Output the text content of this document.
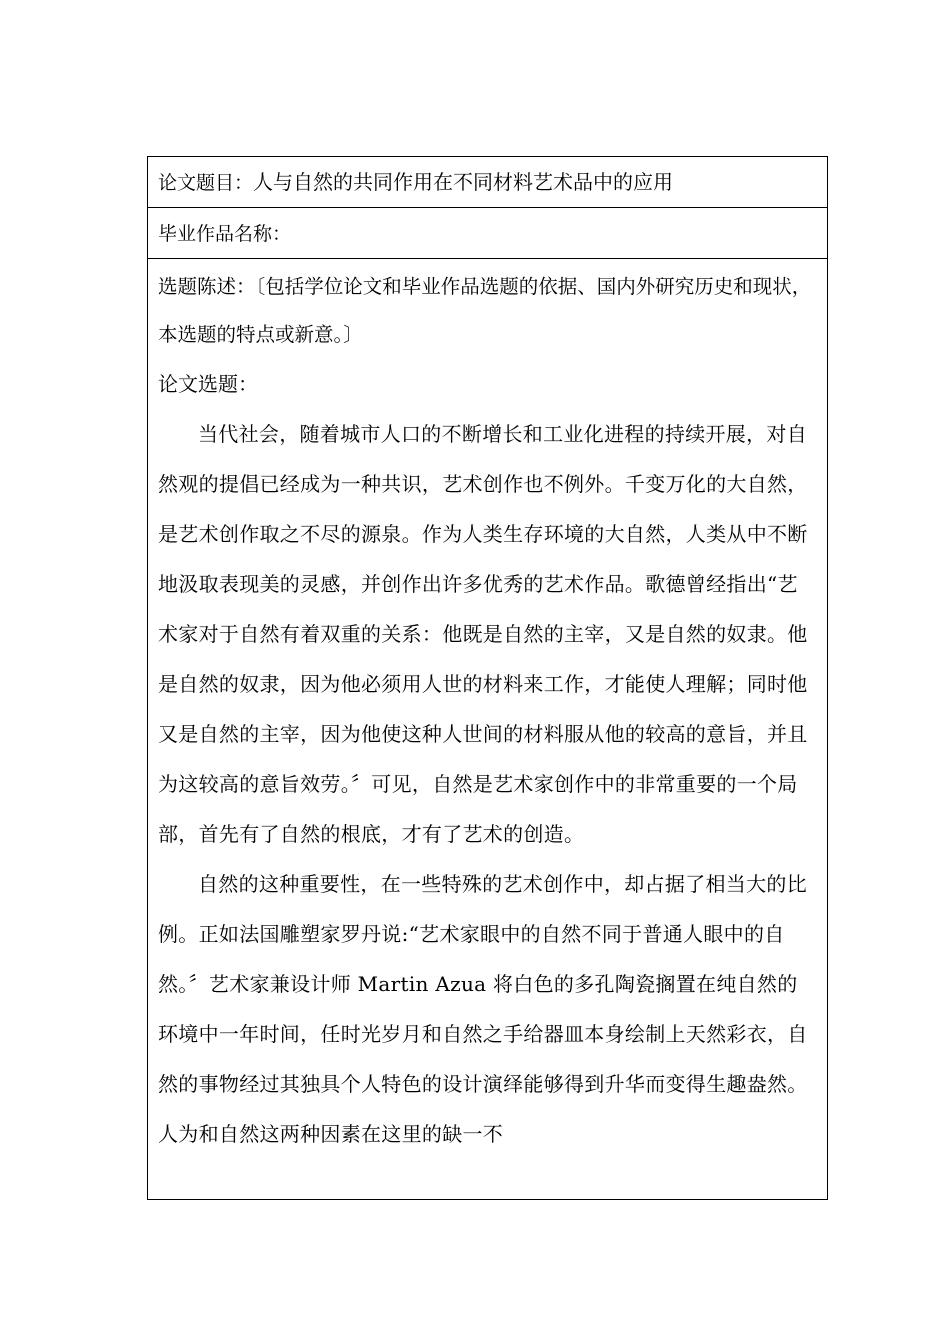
论文题目：人与自然的共同作用在不同材料艺术品中的应用
毕业作品名称：

选题陈述：〔包括学位论文和毕业作品选题的依据、国内外研究历史和现状，本选题的特点或新意。〕

论文选题：

当代社会，随着城市人口的不断增长和工业化进程的持续开展，对自然观的提倡已经成为一种共识，艺术创作也不例外。千变万化的大自然，是艺术创作取之不尽的源泉。作为人类生存环境的大自然，人类从中不断地汲取表现美的灵感，并创作出许多优秀的艺术作品。歌德曾经指出“艺术家对于自然有着双重的关系：他既是自然的主宰，又是自然的奴隶。他是自然的奴隶，因为他必须用人世的材料来工作，才能使人理解；同时他又是自然的主宰，因为他使这种人世间的材料服从他的较高的意旨，并且为这较高的意旨效劳。〞可见，自然是艺术家创作中的非常重要的一个局部，首先有了自然的根底，才有了艺术的创造。

自然的这种重要性，在一些特殊的艺术创作中，却占据了相当大的比例。正如法国雕塑家罗丹说:“艺术家眼中的自然不同于普通人眼中的自然。〞艺术家兼设计师 Martin Azua 将白色的多孔陶瓷搁置在纯自然的环境中一年时间，任时光岁月和自然之手给器皿本身绘制上天然彩衣，自然的事物经过其独具个人特色的设计演绎能够得到升华而变得生趣盎然。人为和自然这两种因素在这里的缺一不
